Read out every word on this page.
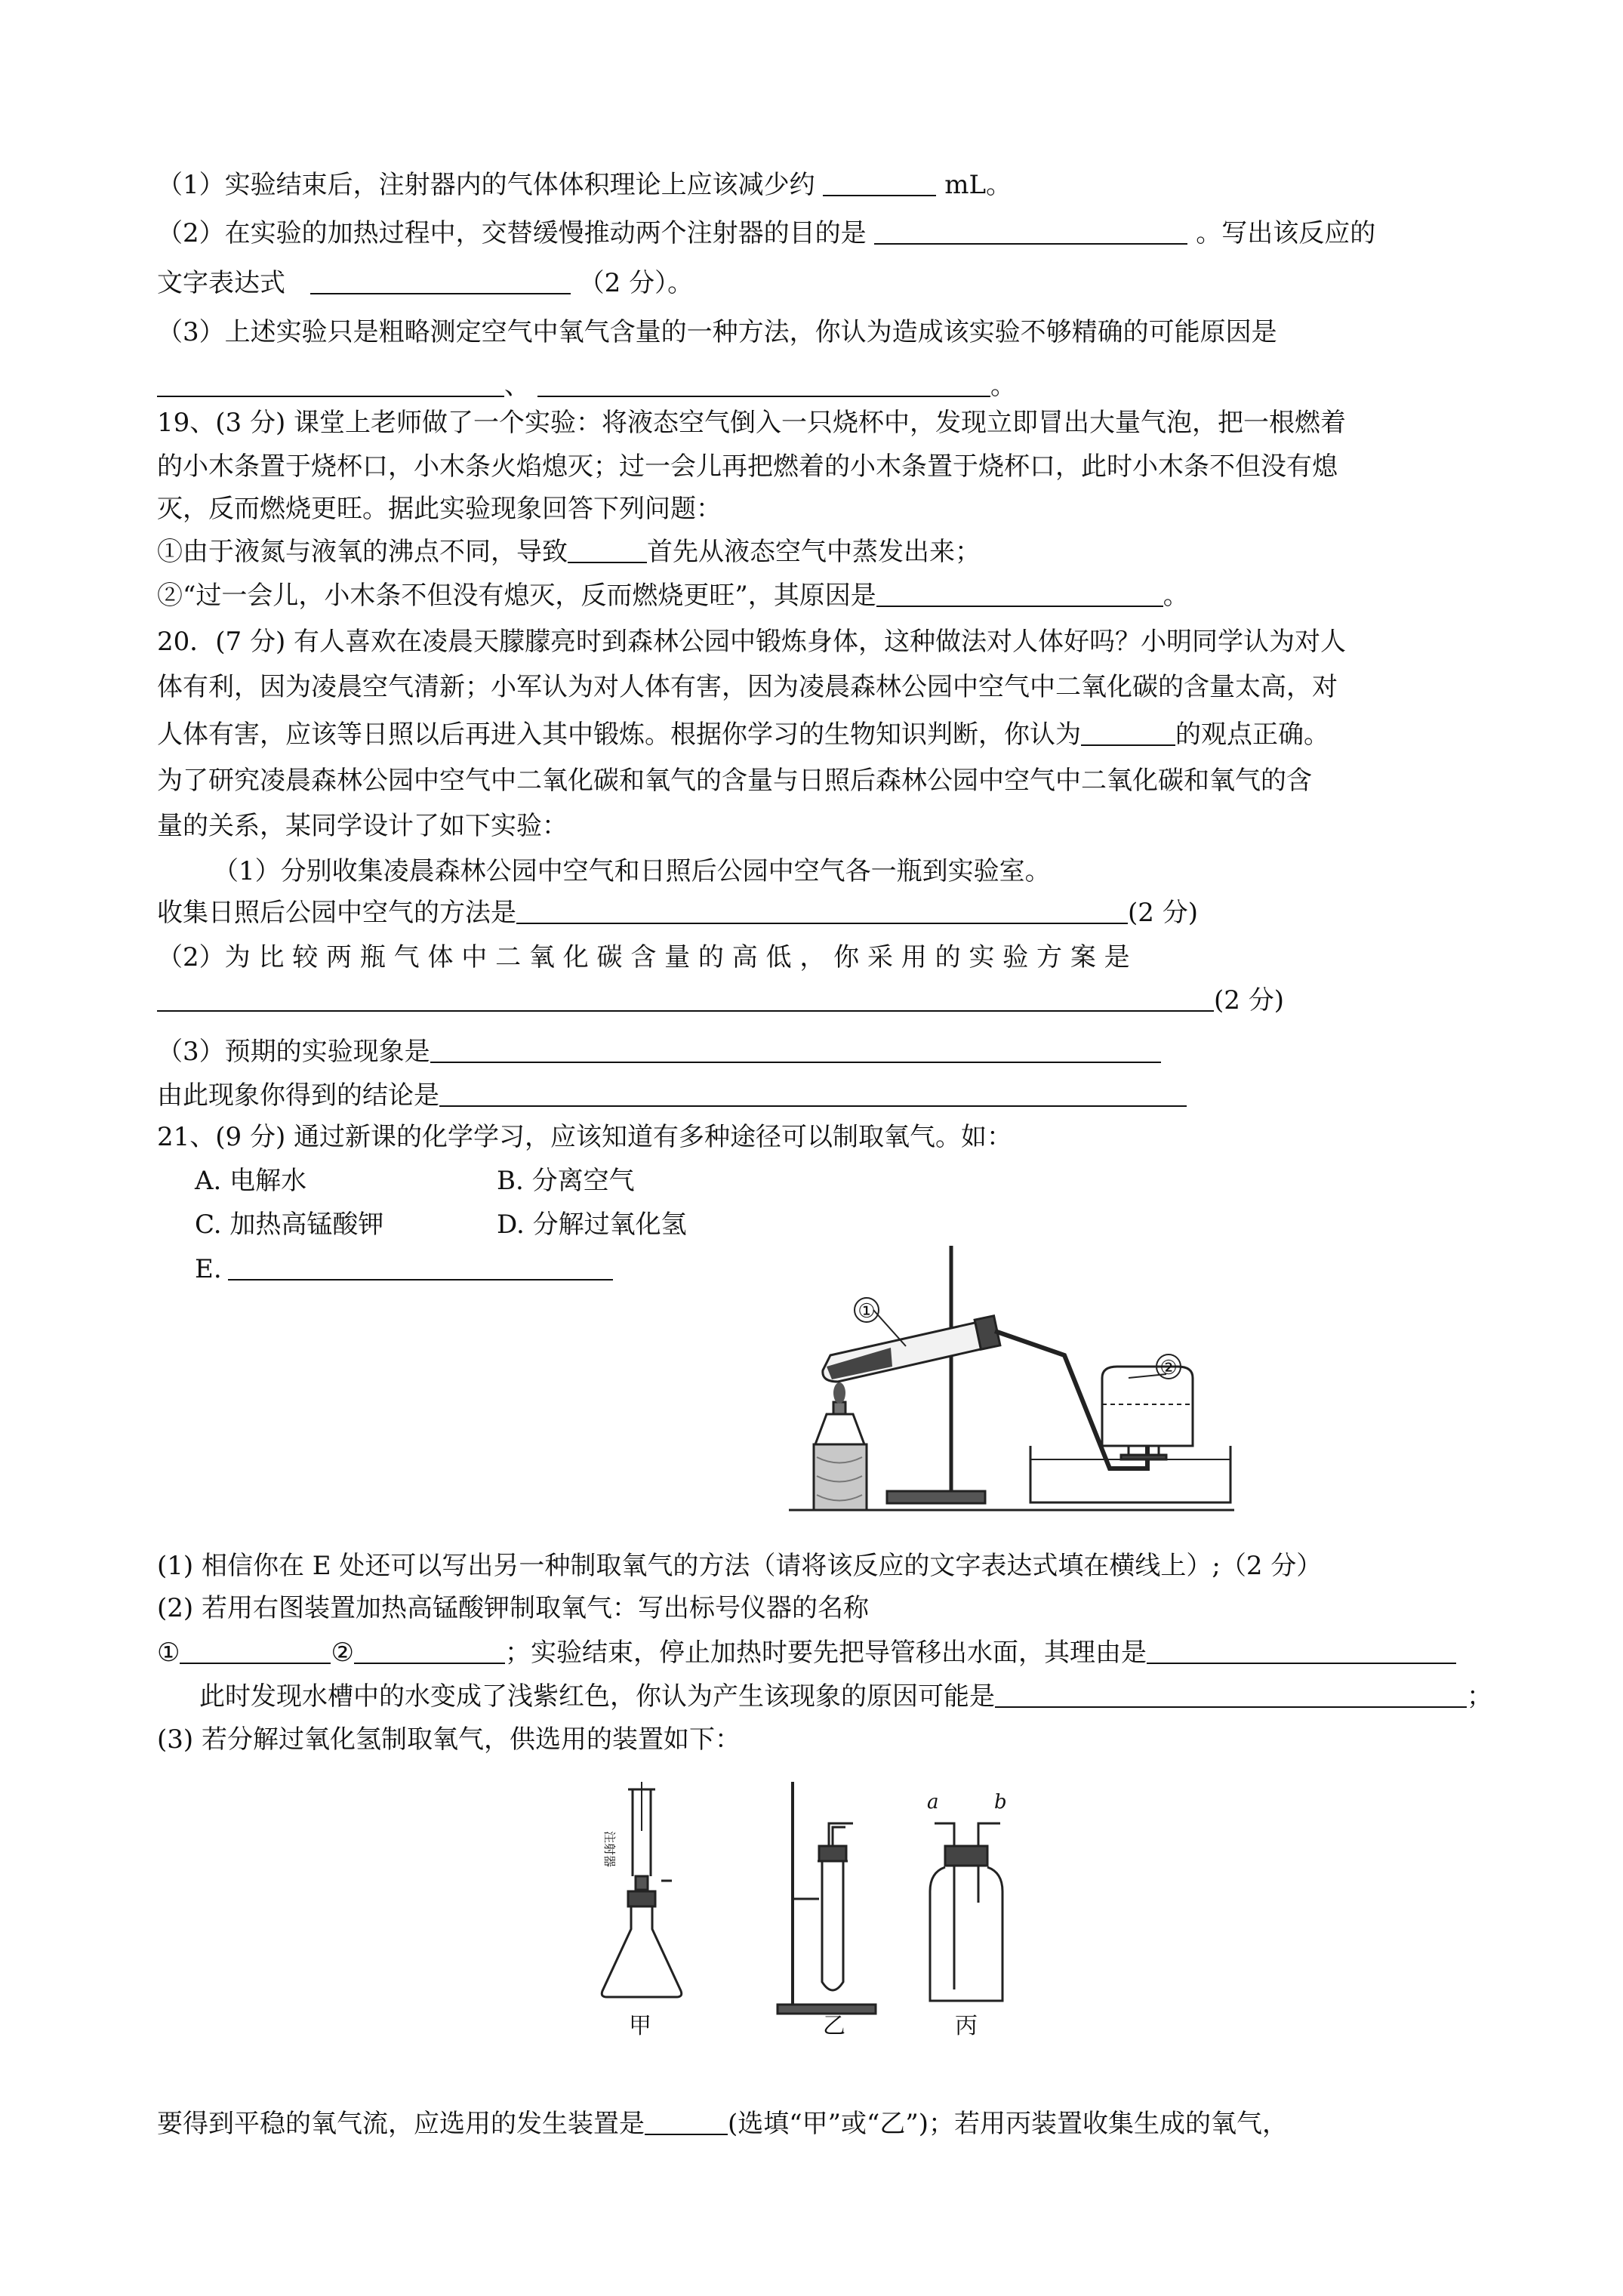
（1）实验结束后，注射器内的气体体积理论上应该减少约	mL。
（2）在实验的加热过程中，交替缓慢推动两个注射器的目的是	。写出该反应的
文字表达式	（2 分）。
（3）上述实验只是粗略测定空气中氧气含量的一种方法，你认为造成该实验不够精确的可能原因是
、	。
19、(3 分) 课堂上老师做了一个实验：将液态空气倒入一只烧杯中，发现立即冒出大量气泡，把一根燃着
的小木条置于烧杯口，小木条火焰熄灭；过一会儿再把燃着的小木条置于烧杯口，此时小木条不但没有熄
灭，反而燃烧更旺。据此实验现象回答下列问题：
①由于液氮与液氧的沸点不同，导致	首先从液态空气中蒸发出来；
②“过一会儿，小木条不但没有熄灭，反而燃烧更旺”，其原因是	。
20．(7 分) 有人喜欢在凌晨天朦朦亮时到森林公园中锻炼身体，这种做法对人体好吗？小明同学认为对人
体有利，因为凌晨空气清新；小军认为对人体有害，因为凌晨森林公园中空气中二氧化碳的含量太高，对
人体有害，应该等日照以后再进入其中锻炼。根据你学习的生物知识判断，你认为	的观点正确。
为了研究凌晨森林公园中空气中二氧化碳和氧气的含量与日照后森林公园中空气中二氧化碳和氧气的含
量的关系，某同学设计了如下实验：
（1）分别收集凌晨森林公园中空气和日照后公园中空气各一瓶到实验室。
收集日照后公园中空气的方法是	(2 分)
（2）为 比 较 两 瓶 气 体 中 二 氧 化 碳 含 量 的 高 低 ， 你 采 用 的 实 验 方 案 是
(2 分)
（3）预期的实验现象是
由此现象你得到的结论是
21、(9 分) 通过新课的化学学习，应该知道有多种途径可以制取氧气。如：
A. 电解水	B. 分离空气
C. 加热高锰酸钾	D. 分解过氧化氢
E.
①
②
(1) 相信你在 E 处还可以写出另一种制取氧气的方法（请将该反应的文字表达式填在横线上）;（2 分）
(2) 若用右图装置加热高锰酸钾制取氧气：写出标号仪器的名称
①	②	；实验结束，停止加热时要先把导管移出水面，其理由是
此时发现水槽中的水变成了浅紫红色，你认为产生该现象的原因可能是	；
(3) 若分解过氧化氢制取氧气，供选用的装置如下：
注射器
甲	乙	丙
a	b
要得到平稳的氧气流，应选用的发生装置是	(选填“甲”或“乙”)；若用丙装置收集生成的氧气，
